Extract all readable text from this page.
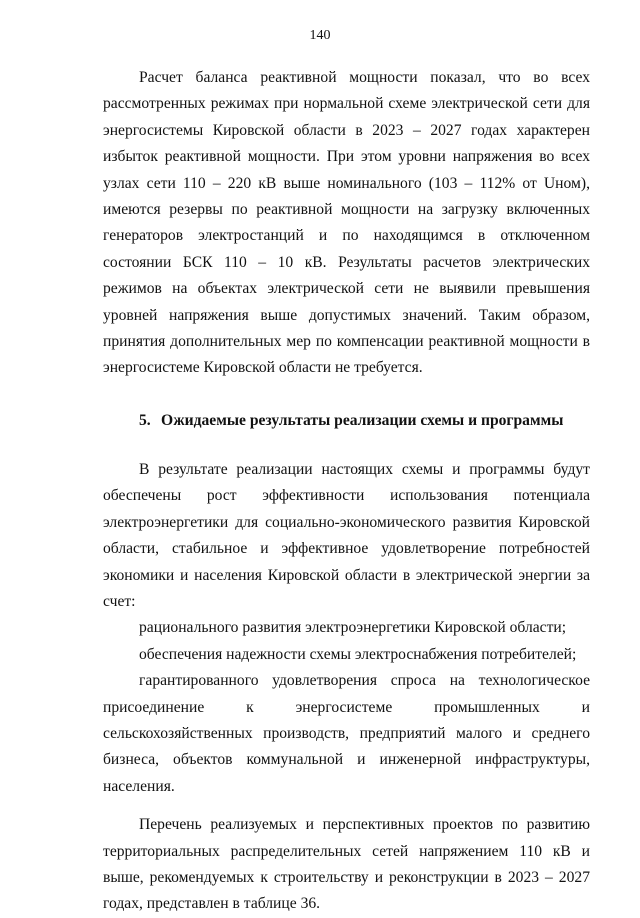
140

Расчет баланса реактивной мощности показал, что во всех рассмотренных режимах при нормальной схеме электрической сети для энергосистемы Кировской области в 2023 – 2027 годах характерен избыток реактивной мощности. При этом уровни напряжения во всех узлах сети 110 – 220 кВ выше номинального (103 – 112% от Uном), имеются резервы по реактивной мощности на загрузку включенных генераторов электростанций и по находящимся в отключенном состоянии БСК 110 – 10 кВ. Результаты расчетов электрических режимов на объектах электрической сети не выявили превышения уровней напряжения выше допустимых значений. Таким образом, принятия дополнительных мер по компенсации реактивной мощности в энергосистеме Кировской области не требуется.

5. Ожидаемые результаты реализации схемы и программы

В результате реализации настоящих схемы и программы будут обеспечены рост эффективности использования потенциала электроэнергетики для социально-экономического развития Кировской области, стабильное и эффективное удовлетворение потребностей экономики и населения Кировской области в электрической энергии за счет:

рационального развития электроэнергетики Кировской области;

обеспечения надежности схемы электроснабжения потребителей;

гарантированного удовлетворения спроса на технологическое присоединение к энергосистеме промышленных и сельскохозяйственных производств, предприятий малого и среднего бизнеса, объектов коммунальной и инженерной инфраструктуры, населения.

Перечень реализуемых и перспективных проектов по развитию территориальных распределительных сетей напряжением 110 кВ и выше, рекомендуемых к строительству и реконструкции в 2023 – 2027 годах, представлен в таблице 36.
